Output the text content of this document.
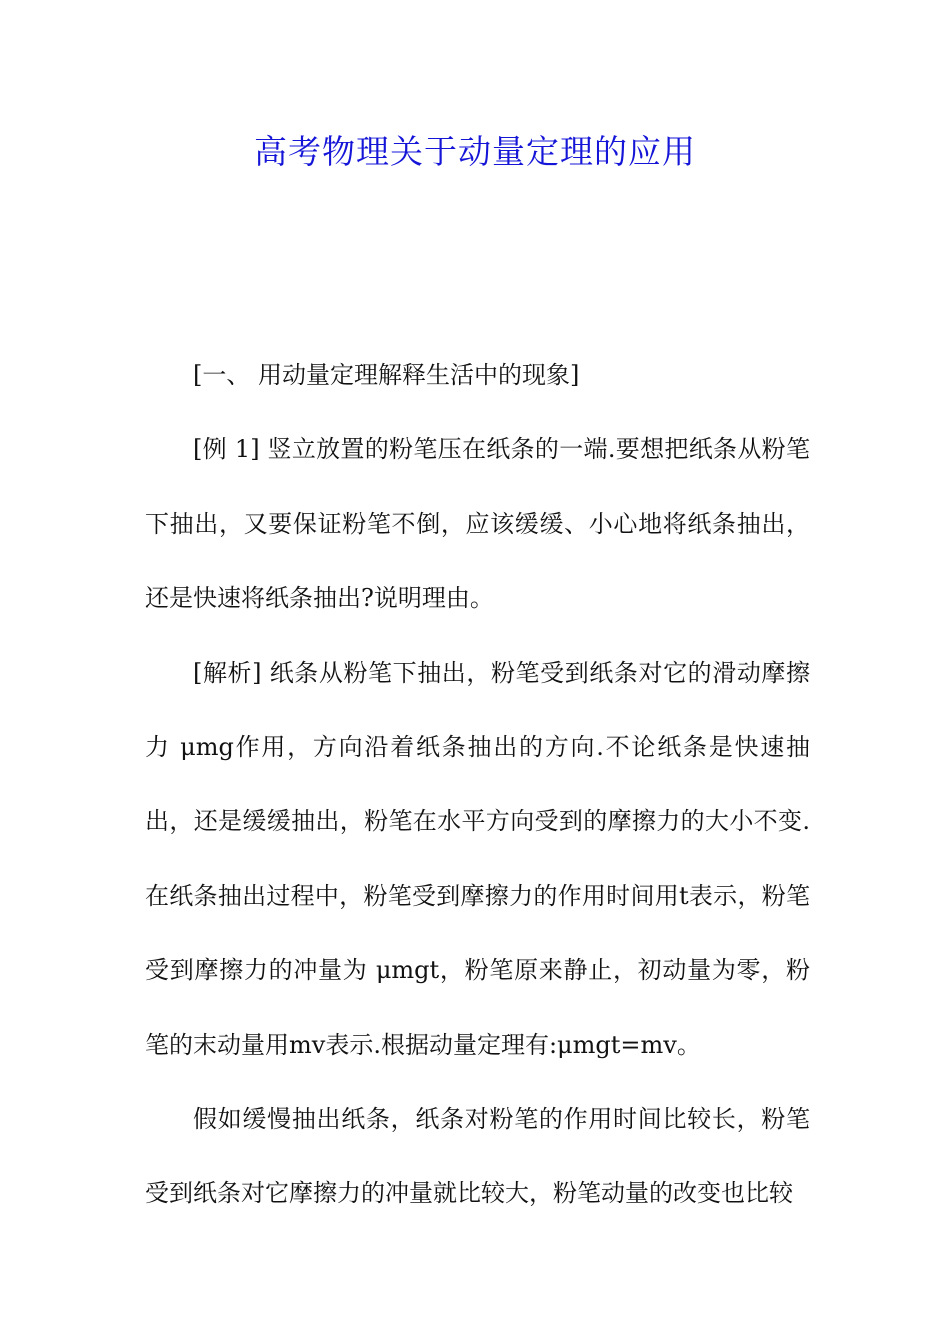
高考物理关于动量定理的应用

[一、 用动量定理解释生活中的现象]

[例 1] 竖立放置的粉笔压在纸条的一端.要想把纸条从粉笔下抽出，又要保证粉笔不倒，应该缓缓、小心地将纸条抽出，还是快速将纸条抽出?说明理由。

[解析] 纸条从粉笔下抽出，粉笔受到纸条对它的滑动摩擦力 μmg作用，方向沿着纸条抽出的方向.不论纸条是快速抽出，还是缓缓抽出，粉笔在水平方向受到的摩擦力的大小不变.在纸条抽出过程中，粉笔受到摩擦力的作用时间用t表示，粉笔受到摩擦力的冲量为 μmgt，粉笔原来静止，初动量为零，粉笔的末动量用mv表示.根据动量定理有:μmgt=mv。

假如缓慢抽出纸条，纸条对粉笔的作用时间比较长，粉笔受到纸条对它摩擦力的冲量就比较大，粉笔动量的改变也比较
